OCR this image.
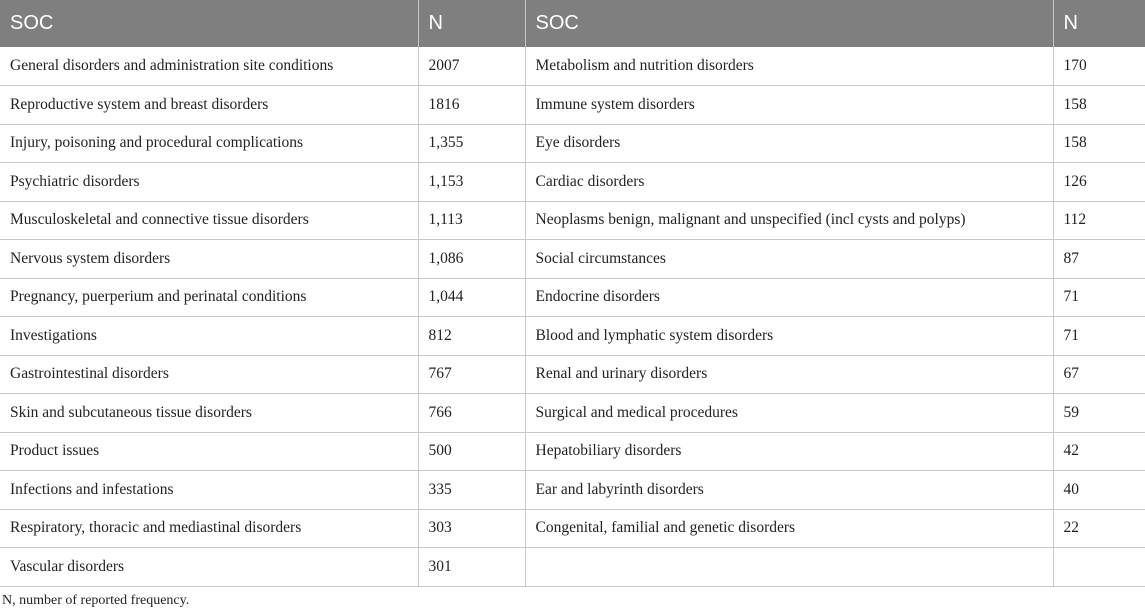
SOC	N	SOC	N
General disorders and administration site conditions	2007	Metabolism and nutrition disorders	170
Reproductive system and breast disorders	1816	Immune system disorders	158
Injury, poisoning and procedural complications	1,355	Eye disorders	158
Psychiatric disorders	1,153	Cardiac disorders	126
Musculoskeletal and connective tissue disorders	1,113	Neoplasms benign, malignant and unspecified (incl cysts and polyps)	112
Nervous system disorders	1,086	Social circumstances	87
Pregnancy, puerperium and perinatal conditions	1,044	Endocrine disorders	71
Investigations	812	Blood and lymphatic system disorders	71
Gastrointestinal disorders	767	Renal and urinary disorders	67
Skin and subcutaneous tissue disorders	766	Surgical and medical procedures	59
Product issues	500	Hepatobiliary disorders	42
Infections and infestations	335	Ear and labyrinth disorders	40
Respiratory, thoracic and mediastinal disorders	303	Congenital, familial and genetic disorders	22
Vascular disorders	301		
N, number of reported frequency.
